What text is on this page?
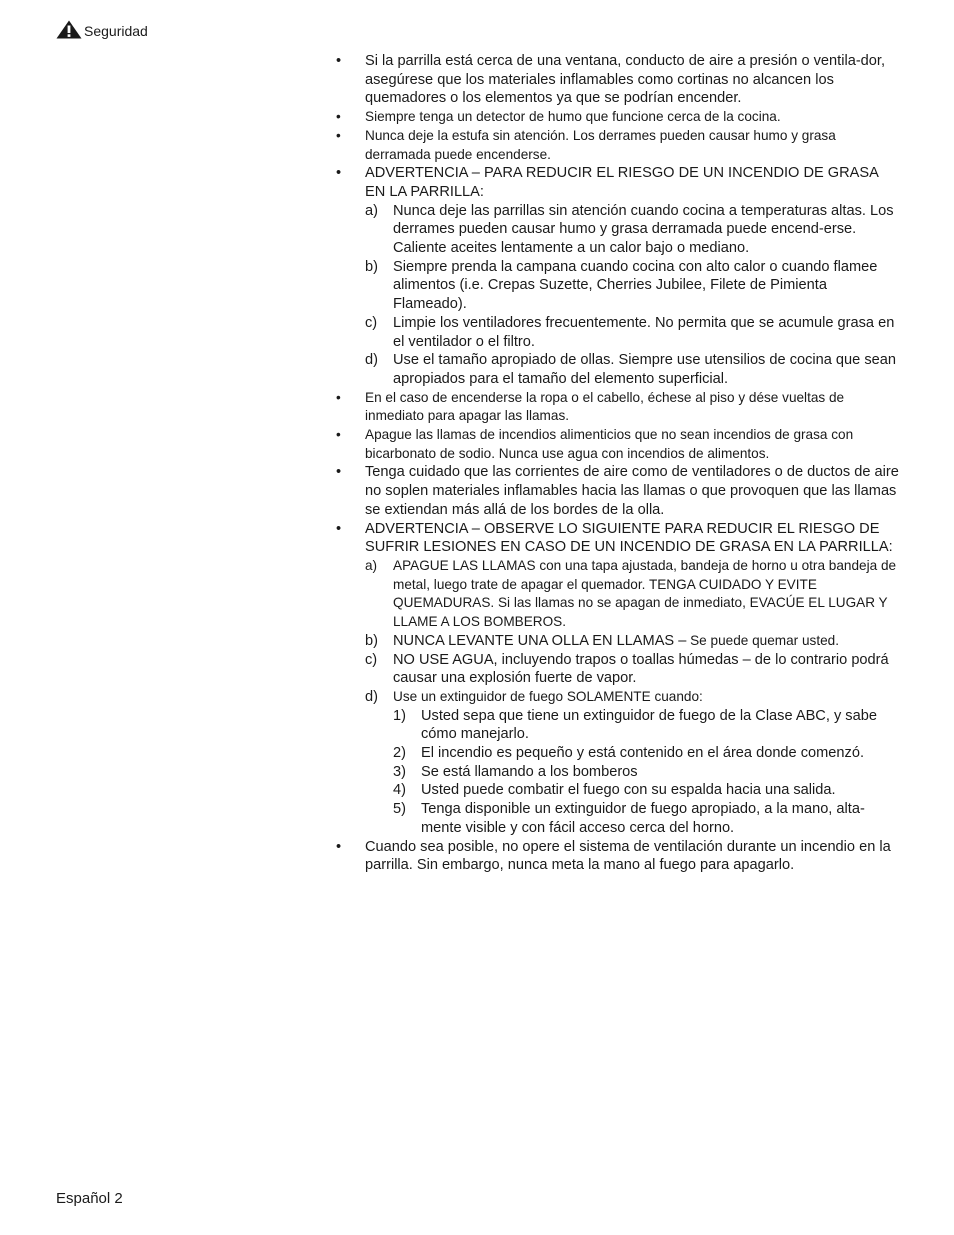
Seguridad
• Si la parrilla está cerca de una ventana, conducto de aire a presión o ventila-dor, asegúrese que los materiales inflamables como cortinas no alcancen los quemadores o los elementos ya que se podrían encender.
• Siempre tenga un detector de humo que funcione cerca de la cocina.
• Nunca deje la estufa sin atención. Los derrames pueden causar humo y grasa derramada puede encenderse.
• ADVERTENCIA – PARA REDUCIR EL RIESGO DE UN INCENDIO DE GRASA EN LA PARRILLA:
a) Nunca deje las parrillas sin atención cuando cocina a temperaturas altas. Los derrames pueden causar humo y grasa derramada puede encend-erse. Caliente aceites lentamente a un calor bajo o mediano.
b) Siempre prenda la campana cuando cocina con alto calor o cuando flamee alimentos (i.e. Crepas Suzette, Cherries Jubilee, Filete de Pimienta Flameado).
c) Limpie los ventiladores frecuentemente. No permita que se acumule grasa en el ventilador o el filtro.
d) Use el tamaño apropiado de ollas. Siempre use utensilios de cocina que sean apropiados para el tamaño del elemento superficial.
• En el caso de encenderse la ropa o el cabello, échese al piso y dése vueltas de inmediato para apagar las llamas.
• Apague las llamas de incendios alimenticios que no sean incendios de grasa con bicarbonato de sodio. Nunca use agua con incendios de alimentos.
• Tenga cuidado que las corrientes de aire como de ventiladores o de ductos de aire no soplen materiales inflamables hacia las llamas o que provoquen que las llamas se extiendan más allá de los bordes de la olla.
• ADVERTENCIA – OBSERVE LO SIGUIENTE PARA REDUCIR EL RIESGO DE SUFRIR LESIONES EN CASO DE UN INCENDIO DE GRASA EN LA PARRILLA:
a) APAGUE LAS LLAMAS con una tapa ajustada, bandeja de horno u otra bandeja de metal, luego trate de apagar el quemador. TENGA CUIDADO Y EVITE QUEMADURAS. Si las llamas no se apagan de inmediato, EVACÚE EL LUGAR Y LLAME A LOS BOMBEROS.
b) NUNCA LEVANTE UNA OLLA EN LLAMAS – Se puede quemar usted.
c) NO USE AGUA, incluyendo trapos o toallas húmedas – de lo contrario podrá causar una explosión fuerte de vapor.
d) Use un extinguidor de fuego SOLAMENTE cuando:
1) Usted sepa que tiene un extinguidor de fuego de la Clase ABC, y sabe cómo manejarlo.
2) El incendio es pequeño y está contenido en el área donde comenzó.
3) Se está llamando a los bomberos
4) Usted puede combatir el fuego con su espalda hacia una salida.
5) Tenga disponible un extinguidor de fuego apropiado, a la mano, alta-mente visible y con fácil acceso cerca del horno.
• Cuando sea posible, no opere el sistema de ventilación durante un incendio en la parrilla. Sin embargo, nunca meta la mano al fuego para apagarlo.
Español 2
